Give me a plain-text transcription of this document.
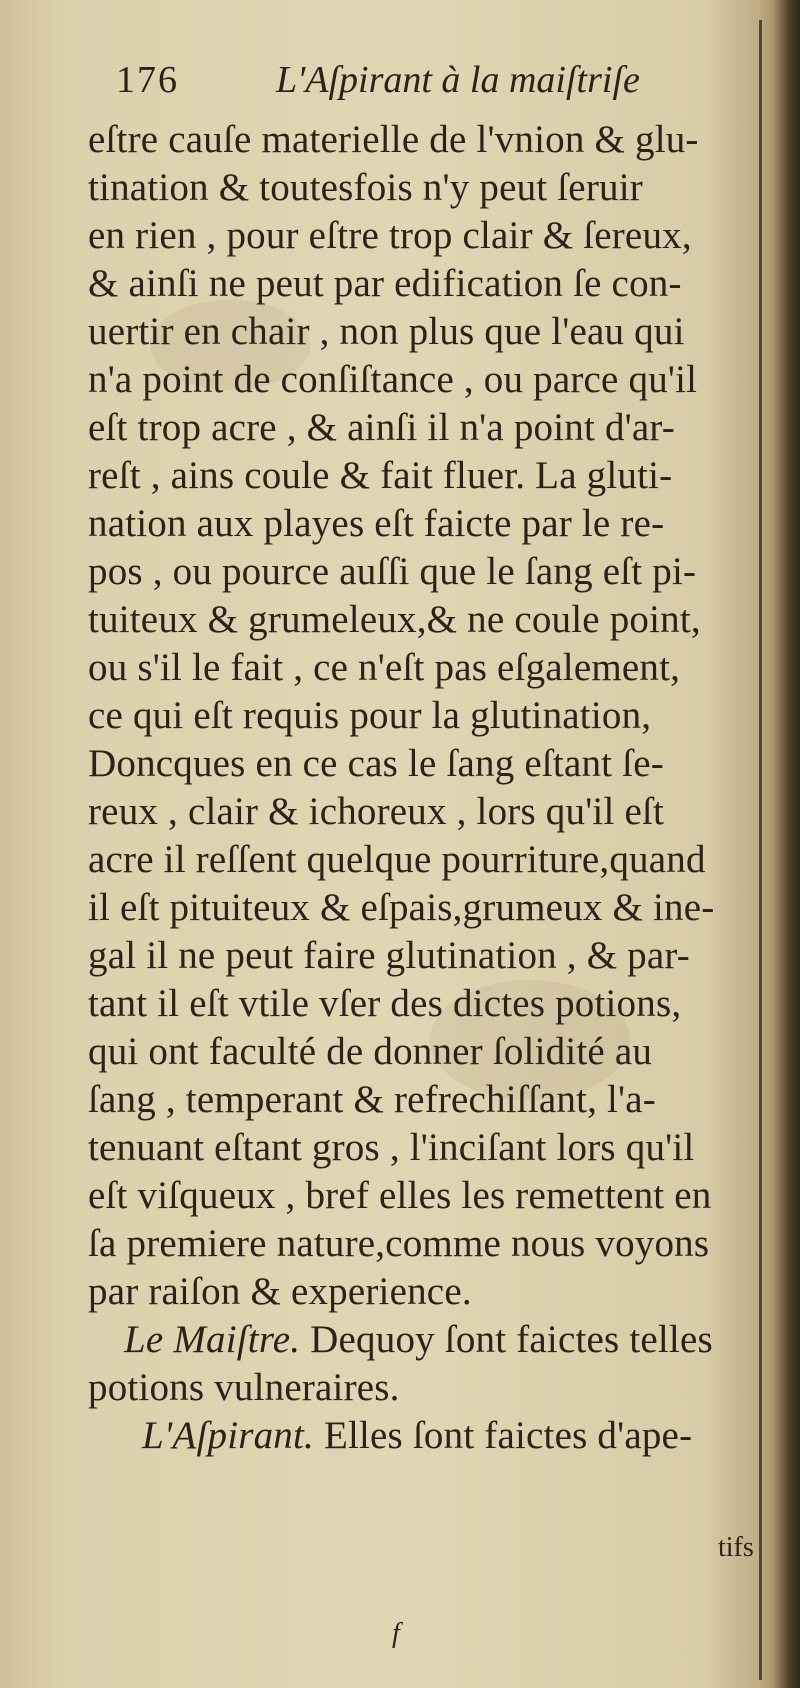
176	L'Aſpirant à la maiſtriſe
eſtre cauſe materielle de l'vnion & glu-
tination & toutesfois n'y peut ſeruir
en rien , pour eſtre trop clair & ſereux,
& ainſi ne peut par edification ſe con-
uertir en chair , non plus que l'eau qui
n'a point de conſiſtance , ou parce qu'il
eſt trop acre , & ainſi il n'a point d'ar-
reſt , ains coule & fait fluer. La gluti-
nation aux playes eſt faicte par le re-
pos , ou pource auſſi que le ſang eſt pi-
tuiteux & grumeleux,& ne coule point,
ou s'il le fait , ce n'eſt pas eſgalement,
ce qui eſt requis pour la glutination,
Doncques en ce cas le ſang eſtant ſe-
reux , clair & ichoreux , lors qu'il eſt
acre il reſſent quelque pourriture,quand
il eſt pituiteux & eſpais,grumeux & ine-
gal il ne peut faire glutination , & par-
tant il eſt vtile vſer des dictes potions,
qui ont faculté de donner ſolidité au
ſang , temperant & refrechiſſant, l'a-
tenuant eſtant gros , l'inciſant lors qu'il
eſt viſqueux , bref elles les remettent en
ſa premiere nature,comme nous voyons
par raiſon & experience.
Le Maiſtre. Dequoy ſont faictes telles
potions vulneraires.
L'Aſpirant. Elles ſont faictes d'ape-
tifs
f
